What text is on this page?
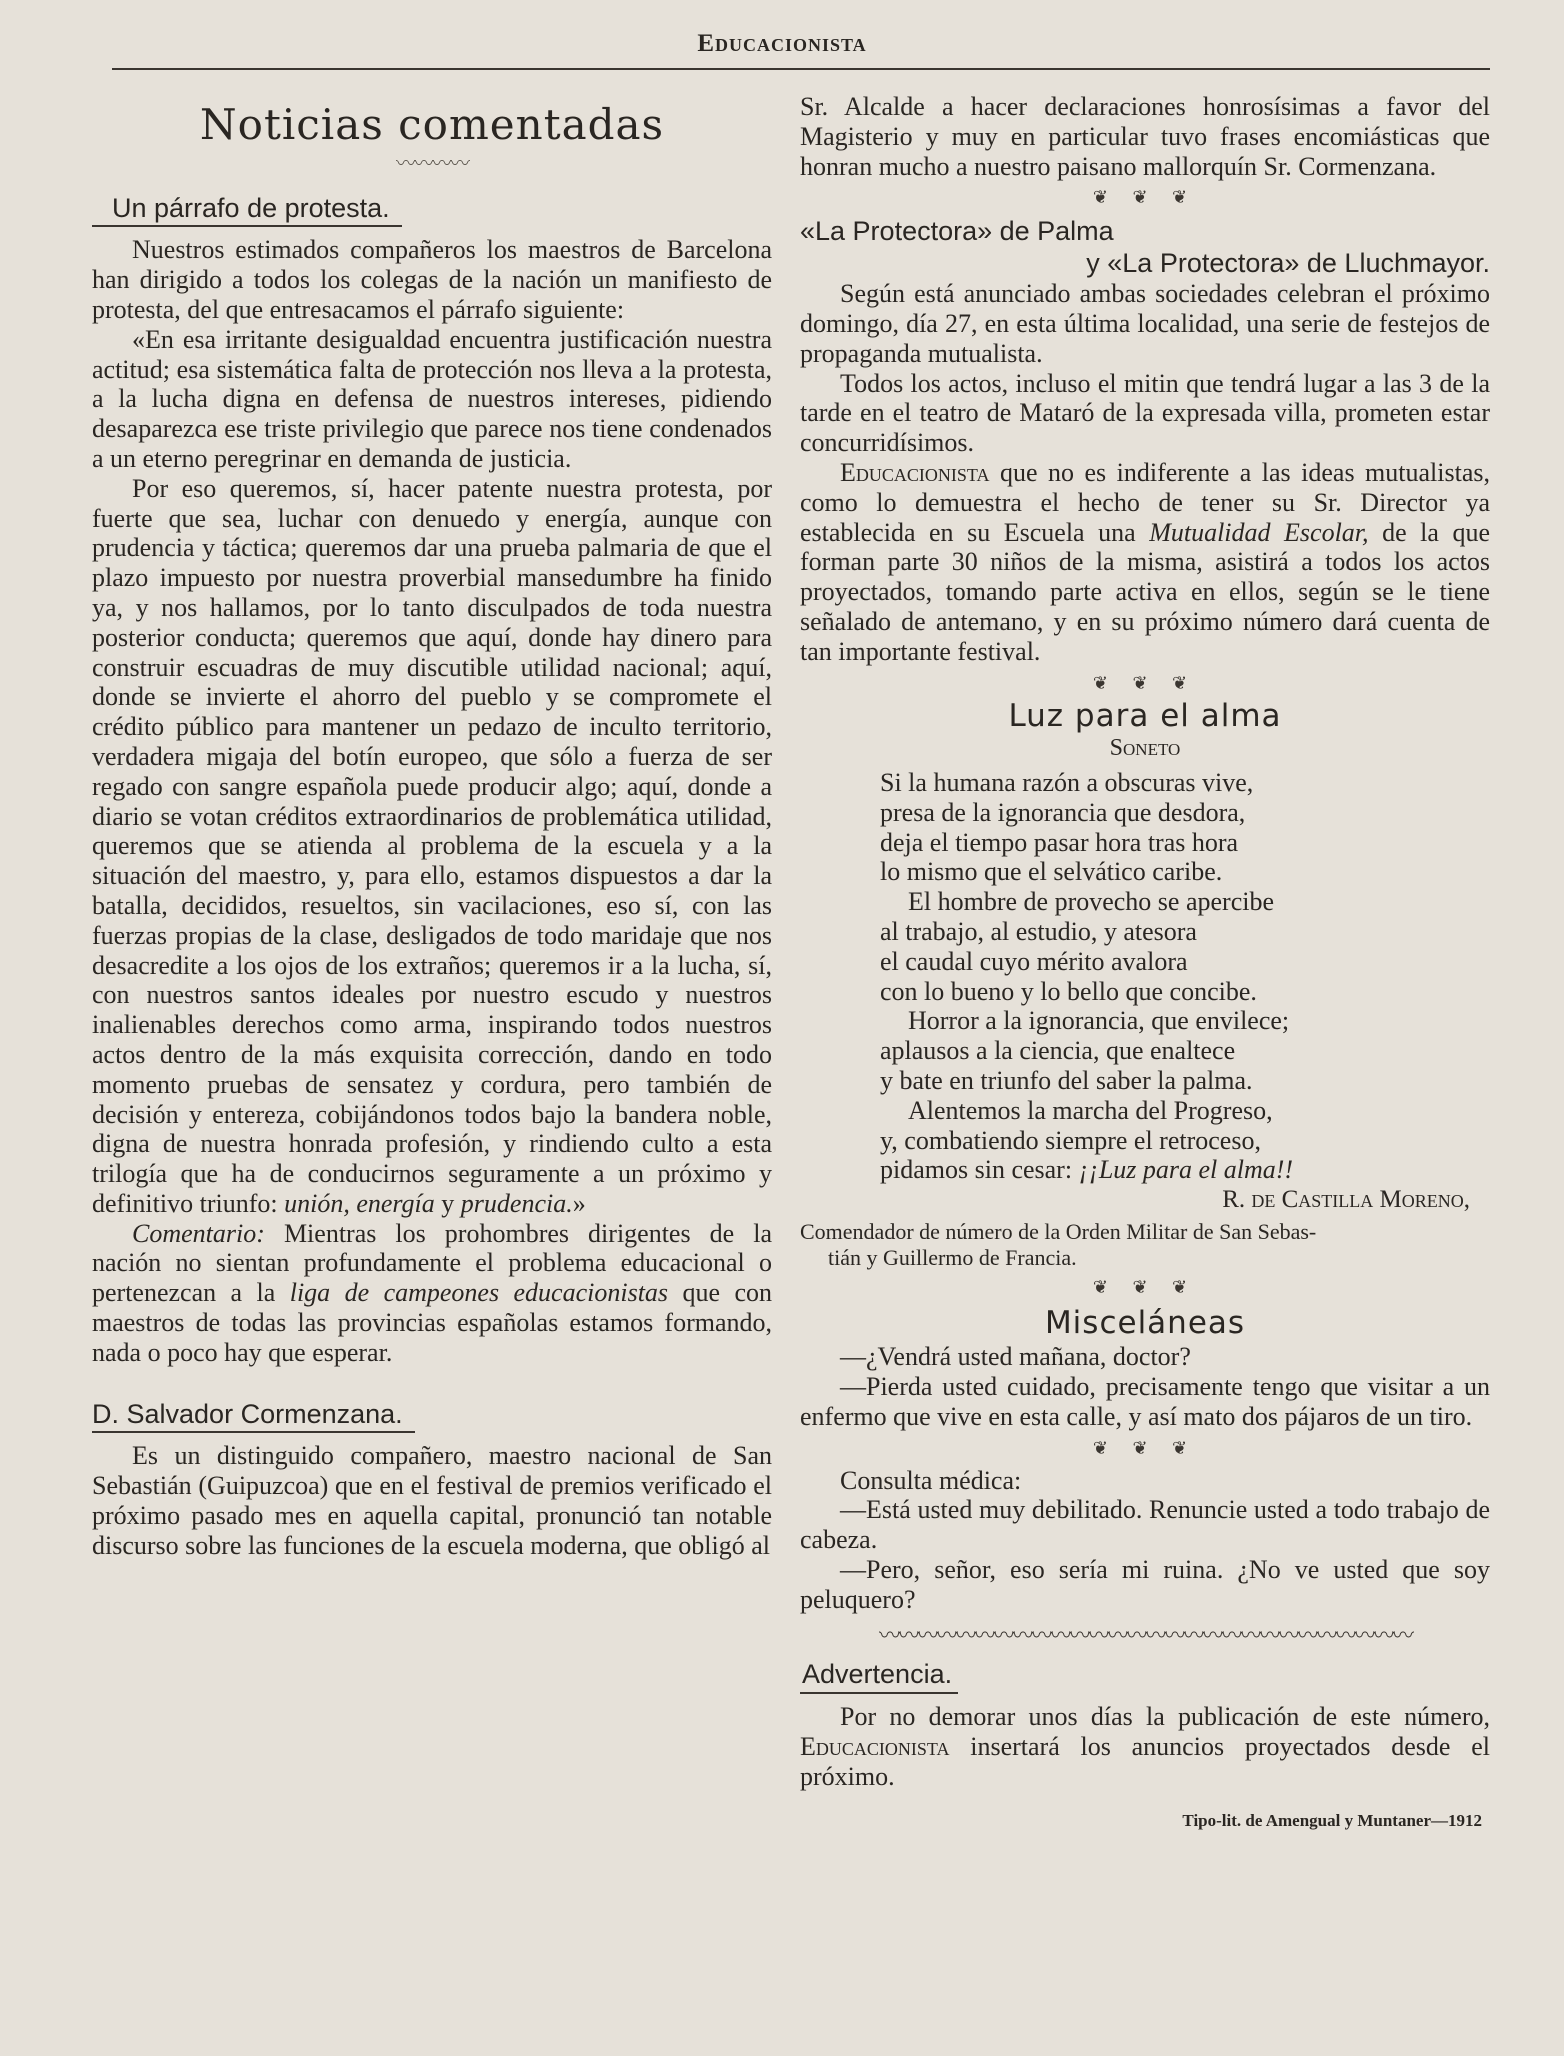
Educacionista
Noticias comentadas
〰〰〰〰
Un párrafo de protesta.

Nuestros estimados compañeros los maestros de Barcelona han dirigido a todos los colegas de la nación un manifiesto de protesta, del que entresacamos el párrafo siguiente:

«En esa irritante desigualdad encuentra justificación nuestra actitud; esa sistemática falta de protección nos lleva a la protesta, a la lucha digna en defensa de nuestros intereses, pidiendo desaparezca ese triste privilegio que parece nos tiene condenados a un eterno peregrinar en demanda de justicia.

Por eso queremos, sí, hacer patente nuestra protesta, por fuerte que sea, luchar con denuedo y energía, aunque con prudencia y táctica; queremos dar una prueba palmaria de que el plazo impuesto por nuestra proverbial mansedumbre ha finido ya, y nos hallamos, por lo tanto disculpados de toda nuestra posterior conducta; queremos que aquí, donde hay dinero para construir escuadras de muy discutible utilidad nacional; aquí, donde se invierte el ahorro del pueblo y se compromete el crédito público para mantener un pedazo de inculto territorio, verdadera migaja del botín europeo, que sólo a fuerza de ser regado con sangre española puede producir algo; aquí, donde a diario se votan créditos extraordinarios de problemática utilidad, queremos que se atienda al problema de la escuela y a la situación del maestro, y, para ello, estamos dispuestos a dar la batalla, decididos, resueltos, sin vacilaciones, eso sí, con las fuerzas propias de la clase, desligados de todo maridaje que nos desacredite a los ojos de los extraños; queremos ir a la lucha, sí, con nuestros santos ideales por nuestro escudo y nuestros inalienables derechos como arma, inspirando todos nuestros actos dentro de la más exquisita corrección, dando en todo momento pruebas de sensatez y cordura, pero también de decisión y entereza, cobijándonos todos bajo la bandera noble, digna de nuestra honrada profesión, y rindiendo culto a esta trilogía que ha de conducirnos seguramente a un próximo y definitivo triunfo: unión, energía y prudencia.»

Comentario: Mientras los prohombres dirigentes de la nación no sientan profundamente el problema educacional o pertenezcan a la liga de campeones educacionistas que con maestros de todas las provincias españolas estamos formando, nada o poco hay que esperar.

D. Salvador Cormenzana.

Es un distinguido compañero, maestro nacional de San Sebastián (Guipuzcoa) que en el festival de premios verificado el próximo pasado mes en aquella capital, pronunció tan notable discurso sobre las funciones de la escuela moderna, que obligó al

Sr. Alcalde a hacer declaraciones honrosísimas a favor del Magisterio y muy en particular tuvo frases encomiásticas que honran mucho a nuestro paisano mallorquín Sr. Cormenzana.

❦ ❦ ❦
«La Protectora» de Palma
y «La Protectora» de Lluchmayor.

Según está anunciado ambas sociedades celebran el próximo domingo, día 27, en esta última localidad, una serie de festejos de propaganda mutualista.

Todos los actos, incluso el mitin que tendrá lugar a las 3 de la tarde en el teatro de Mataró de la expresada villa, prometen estar concurridísimos.

Educacionista que no es indiferente a las ideas mutualistas, como lo demuestra el hecho de tener su Sr. Director ya establecida en su Escuela una Mutualidad Escolar, de la que forman parte 30 niños de la misma, asistirá a todos los actos proyectados, tomando parte activa en ellos, según se le tiene señalado de antemano, y en su próximo número dará cuenta de tan importante festival.

❦ ❦ ❦
Luz para el alma
Soneto
Si la humana razón a obscuras vive,
presa de la ignorancia que desdora,
deja el tiempo pasar hora tras hora
lo mismo que el selvático caribe.
El hombre de provecho se apercibe
al trabajo, al estudio, y atesora
el caudal cuyo mérito avalora
con lo bueno y lo bello que concibe.
Horror a la ignorancia, que envilece;
aplausos a la ciencia, que enaltece
y bate en triunfo del saber la palma.
Alentemos la marcha del Progreso,
y, combatiendo siempre el retroceso,
pidamos sin cesar: ¡¡Luz para el alma!!
R. de Castilla Moreno,
Comendador de número de la Orden Militar de San Sebas-
tián y Guillermo de Francia.
❦ ❦ ❦
Misceláneas

—¿Vendrá usted mañana, doctor?

—Pierda usted cuidado, precisamente tengo que visitar a un enfermo que vive en esta calle, y así mato dos pájaros de un tiro.

❦ ❦ ❦

Consulta médica:

—Está usted muy debilitado. Renuncie usted a todo trabajo de cabeza.

—Pero, señor, eso sería mi ruina. ¿No ve usted que soy peluquero?

〰〰〰〰〰〰〰〰〰〰〰〰〰〰〰〰〰〰〰〰〰〰〰〰〰〰〰〰
Advertencia.

Por no demorar unos días la publicación de este número, Educacionista insertará los anuncios proyectados desde el próximo.

Tipo-lit. de Amengual y Muntaner—1912
